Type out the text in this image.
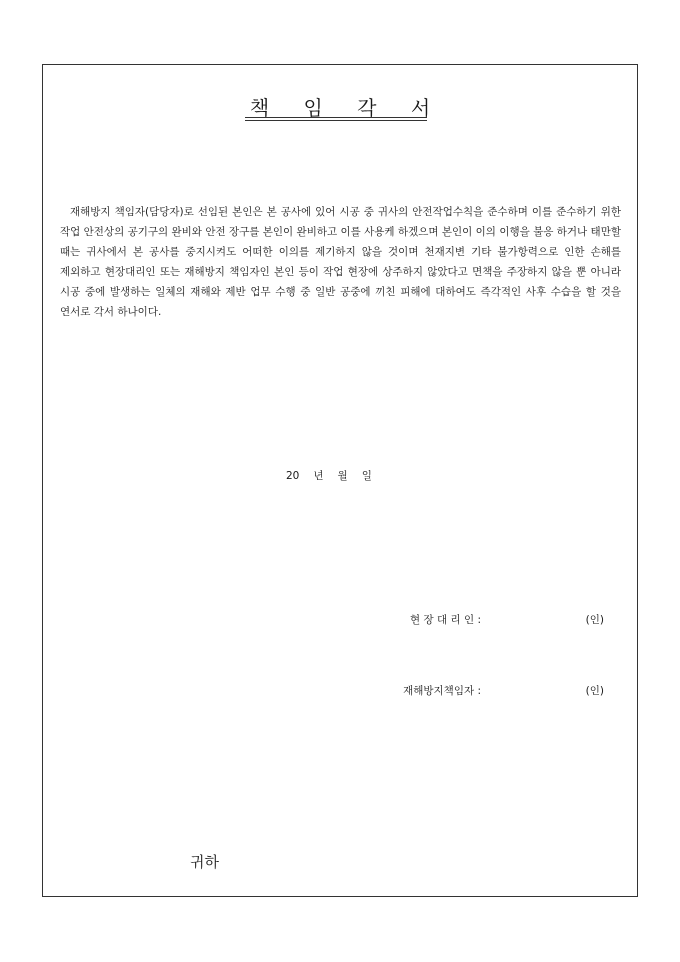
책 임 각 서
재해방지 책임자(담당자)로 선임된 본인은 본 공사에 있어 시공 중 귀사의 안전작업수칙을 준수하며 이를 준수하기 위한 작업 안전상의 공기구의 완비와 안전 장구를 본인이 완비하고 이를 사용케 하겠으며 본인이 이의 이행을 불응 하거나 태만할 때는 귀사에서 본 공사를 중지시켜도 어떠한 이의를 제기하지 않을 것이며 천재지변 기타 불가항력으로 인한 손해를 제외하고 현장대리인 또는 재해방지 책임자인 본인 등이 작업 현장에 상주하지 않았다고 면책을 주장하지 않을 뿐 아니라 시공 중에 발생하는 일체의 재해와 제반 업무 수행 중 일반 공중에 끼친 피해에 대하여도 즉각적인 사후 수습을 할 것을 연서로 각서 하나이다.
20 년 월 일
현 장 대 리 인 :	(인)
재해방지책임자 :	(인)
귀하
